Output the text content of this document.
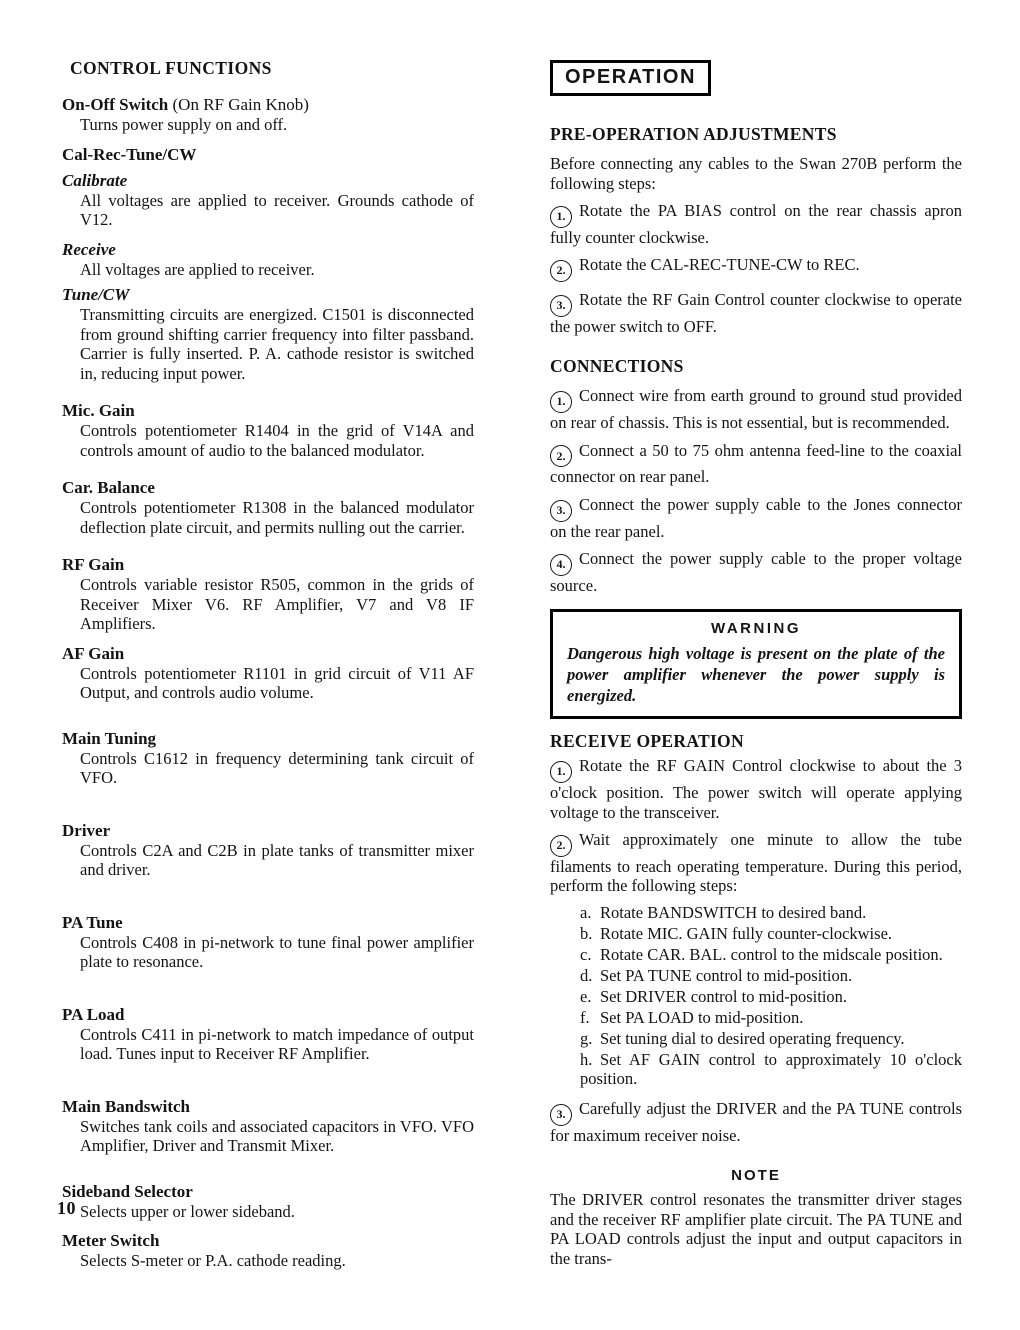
CONTROL FUNCTIONS
On-Off Switch (On RF Gain Knob)
Turns power supply on and off.
Cal-Rec-Tune/CW
Calibrate
All voltages are applied to receiver. Grounds cathode of V12.
Receive
All voltages are applied to receiver.
Tune/CW
Transmitting circuits are energized. C1501 is disconnected from ground shifting carrier frequency into filter passband. Carrier is fully inserted. P. A. cathode resistor is switched in, reducing input power.
Mic. Gain
Controls potentiometer R1404 in the grid of V14A and controls amount of audio to the balanced modulator.
Car. Balance
Controls potentiometer R1308 in the balanced modulator deflection plate circuit, and permits nulling out the carrier.
RF Gain
Controls variable resistor R505, common in the grids of Receiver Mixer V6. RF Amplifier, V7 and V8 IF Amplifiers.
AF Gain
Controls potentiometer R1101 in grid circuit of V11 AF Output, and controls audio volume.
Main Tuning
Controls C1612 in frequency determining tank circuit of VFO.
Driver
Controls C2A and C2B in plate tanks of transmitter mixer and driver.
PA Tune
Controls C408 in pi-network to tune final power amplifier plate to resonance.
PA Load
Controls C411 in pi-network to match impedance of output load. Tunes input to Receiver RF Amplifier.
Main Bandswitch
Switches tank coils and associated capacitors in VFO. VFO Amplifier, Driver and Transmit Mixer.
Sideband Selector
Selects upper or lower sideband.
Meter Switch
Selects S-meter or P.A. cathode reading.
OPERATION
PRE-OPERATION ADJUSTMENTS

Before connecting any cables to the Swan 270B perform the following steps:

1. Rotate the PA BIAS control on the rear chassis apron fully counter clockwise.

2. Rotate the CAL-REC-TUNE-CW to REC.

3. Rotate the RF Gain Control counter clockwise to operate the power switch to OFF.

CONNECTIONS

1. Connect wire from earth ground to ground stud provided on rear of chassis. This is not essential, but is recommended.

2. Connect a 50 to 75 ohm antenna feed-line to the coaxial connector on rear panel.

3. Connect the power supply cable to the Jones connector on the rear panel.

4. Connect the power supply cable to the proper voltage source.

WARNING

Dangerous high voltage is present on the plate of the power amplifier whenever the power supply is energized.

RECEIVE OPERATION

1. Rotate the RF GAIN Control clockwise to about the 3 o'clock position. The power switch will operate applying voltage to the transceiver.

2. Wait approximately one minute to allow the tube filaments to reach operating temperature. During this period, perform the following steps:

a. Rotate BANDSWITCH to desired band.

b. Rotate MIC. GAIN fully counter-clockwise.

c. Rotate CAR. BAL. control to the midscale position.

d. Set PA TUNE control to mid-position.

e. Set DRIVER control to mid-position.

f. Set PA LOAD to mid-position.

g. Set tuning dial to desired operating frequency.

h. Set AF GAIN control to approximately 10 o'clock position.

3. Carefully adjust the DRIVER and the PA TUNE controls for maximum receiver noise.

NOTE

The DRIVER control resonates the transmitter driver stages and the receiver RF amplifier plate circuit. The PA TUNE and PA LOAD controls adjust the input and output capacitors in the trans-

10
